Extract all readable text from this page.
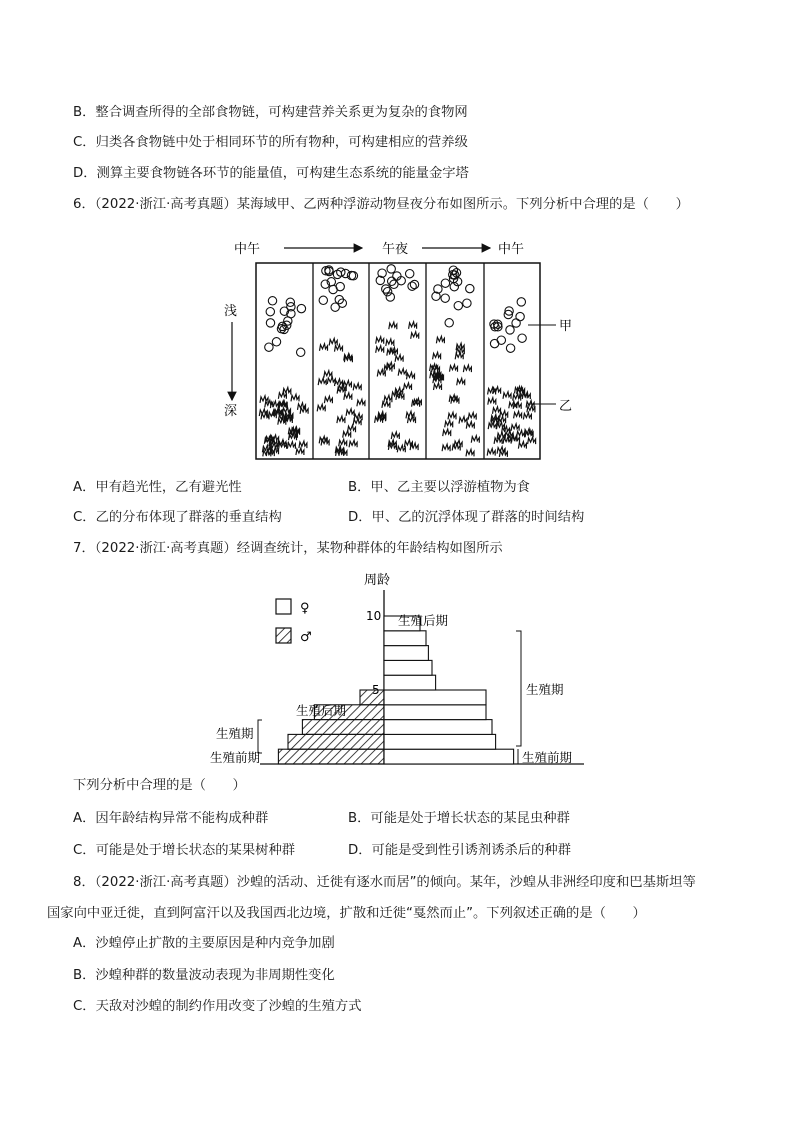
B．整合调查所得的全部食物链，可构建营养关系更为复杂的食物网
C．归类各食物链中处于相同环节的所有物种，可构建相应的营养级
D．测算主要食物链各环节的能量值，可构建生态系统的能量金字塔
6．（2022·浙江·高考真题）某海域甲、乙两种浮游动物昼夜分布如图所示。下列分析中合理的是（　　）
中午	午夜	中午
浅
深
甲
乙
A．甲有趋光性，乙有避光性	B．甲、乙主要以浮游植物为食
C．乙的分布体现了群落的垂直结构	D．甲、乙的沉浮体现了群落的时间结构
7．（2022·浙江·高考真题）经调查统计，某物种群体的年龄结构如图所示
周龄
10
♀
♂
生殖后期
生殖期
生殖前期
生殖后期
生殖期
生殖前期
下列分析中合理的是（　　）
A．因年龄结构异常不能构成种群	B．可能是处于增长状态的某昆虫种群
C．可能是处于增长状态的某果树种群	D．可能是受到性引诱剂诱杀后的种群
8．（2022·浙江·高考真题）沙蝗的活动、迁徙有逐水而居”的倾向。某年，沙蝗从非洲经印度和巴基斯坦等
国家向中亚迁徙，直到阿富汗以及我国西北边境，扩散和迁徙“戛然而止”。下列叙述正确的是（　　）
A．沙蝗停止扩散的主要原因是种内竞争加剧
B．沙蝗种群的数量波动表现为非周期性变化
C．天敌对沙蝗的制约作用改变了沙蝗的生殖方式
